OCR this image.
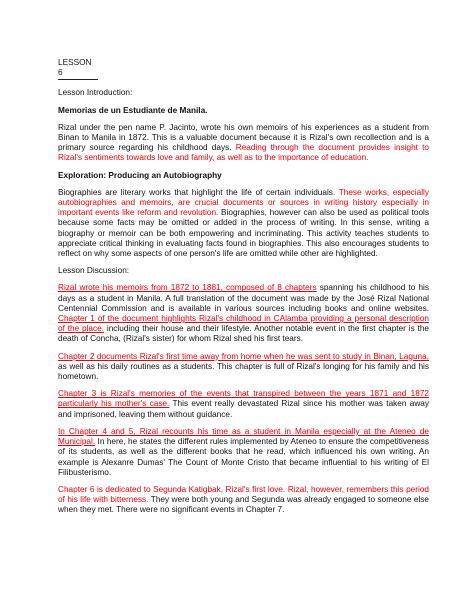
LESSON 6

Lesson Introduction:

Memorias de un Estudiante de Manila.

Rizal under the pen name P. Jacinto, wrote his own memoirs of his experiences as a student from Binan to Manila in 1872. This is a valuable document because it is Rizal's own recollection and is a primary source regarding his childhood days. Reading through the document provides insight to Rizal's sentiments towards love and family, as well as to the importance of education.

Exploration: Producing an Autobiography

Biographies are literary works that highlight the life of certain individuals. These works, especially autobiographies and memoirs, are crucial documents or sources in writing history especially in important events like reform and revolution. Biographies, however can also be used as political tools because some facts may be omitted or added in the process of writing. In this sense, writing a biography or memoir can be both empowering and incriminating. This activity teaches students to appreciate critical thinking in evaluating facts found in biographies. This also encourages students to reflect on why some aspects of one person's life are omitted while other are highlighted.

Lesson Discussion:

Rizal wrote his memoirs from 1872 to 1881, composed of 8 chapters spanning his childhood to his days as a student in Manila. A full translation of the document was made by the José Rizal National Centennial Commission and is available in various sources including books and online websites. Chapter 1 of the document highlights Rizal's childhood in CAlamba providing a personal description of the place. including their house and their lifestyle. Another notable event in the first chapter is the death of Concha, (Rizal's sister) for whom Rizal shed his first tears.

Chapter 2 documents Rizal's first time away from home when he was sent to study in Binan, Laguna, as well as his daily routines as a students. This chapter is full of Rizal's longing for his family and his hometown.

Chapter 3 is Rizal's memories of the events that transpired between the years 1871 and 1872 particularly his mother's case. This event really devastated Rizal since his mother was taken away and imprisoned, leaving them without guidance.

In Chapter 4 and 5, Rizal recounts his time as a student in Manila especially at the Ateneo de Municipal. In here, he states the different rules implemented by Ateneo to ensure the competitiveness of its students, as well as the different books that he read, which influenced his own writing. An example is Alexanre Dumas' The Count of Monte Cristo that became influential to his writing of El Filibusterismo.

Chapter 6 is dedicated to Segunda Katigbak, Rizal's first love. Rizal, however, remembers this period of his life with bitterness. They were both young and Segunda was already engaged to someone else when they met. There were no significant events in Chapter 7.
